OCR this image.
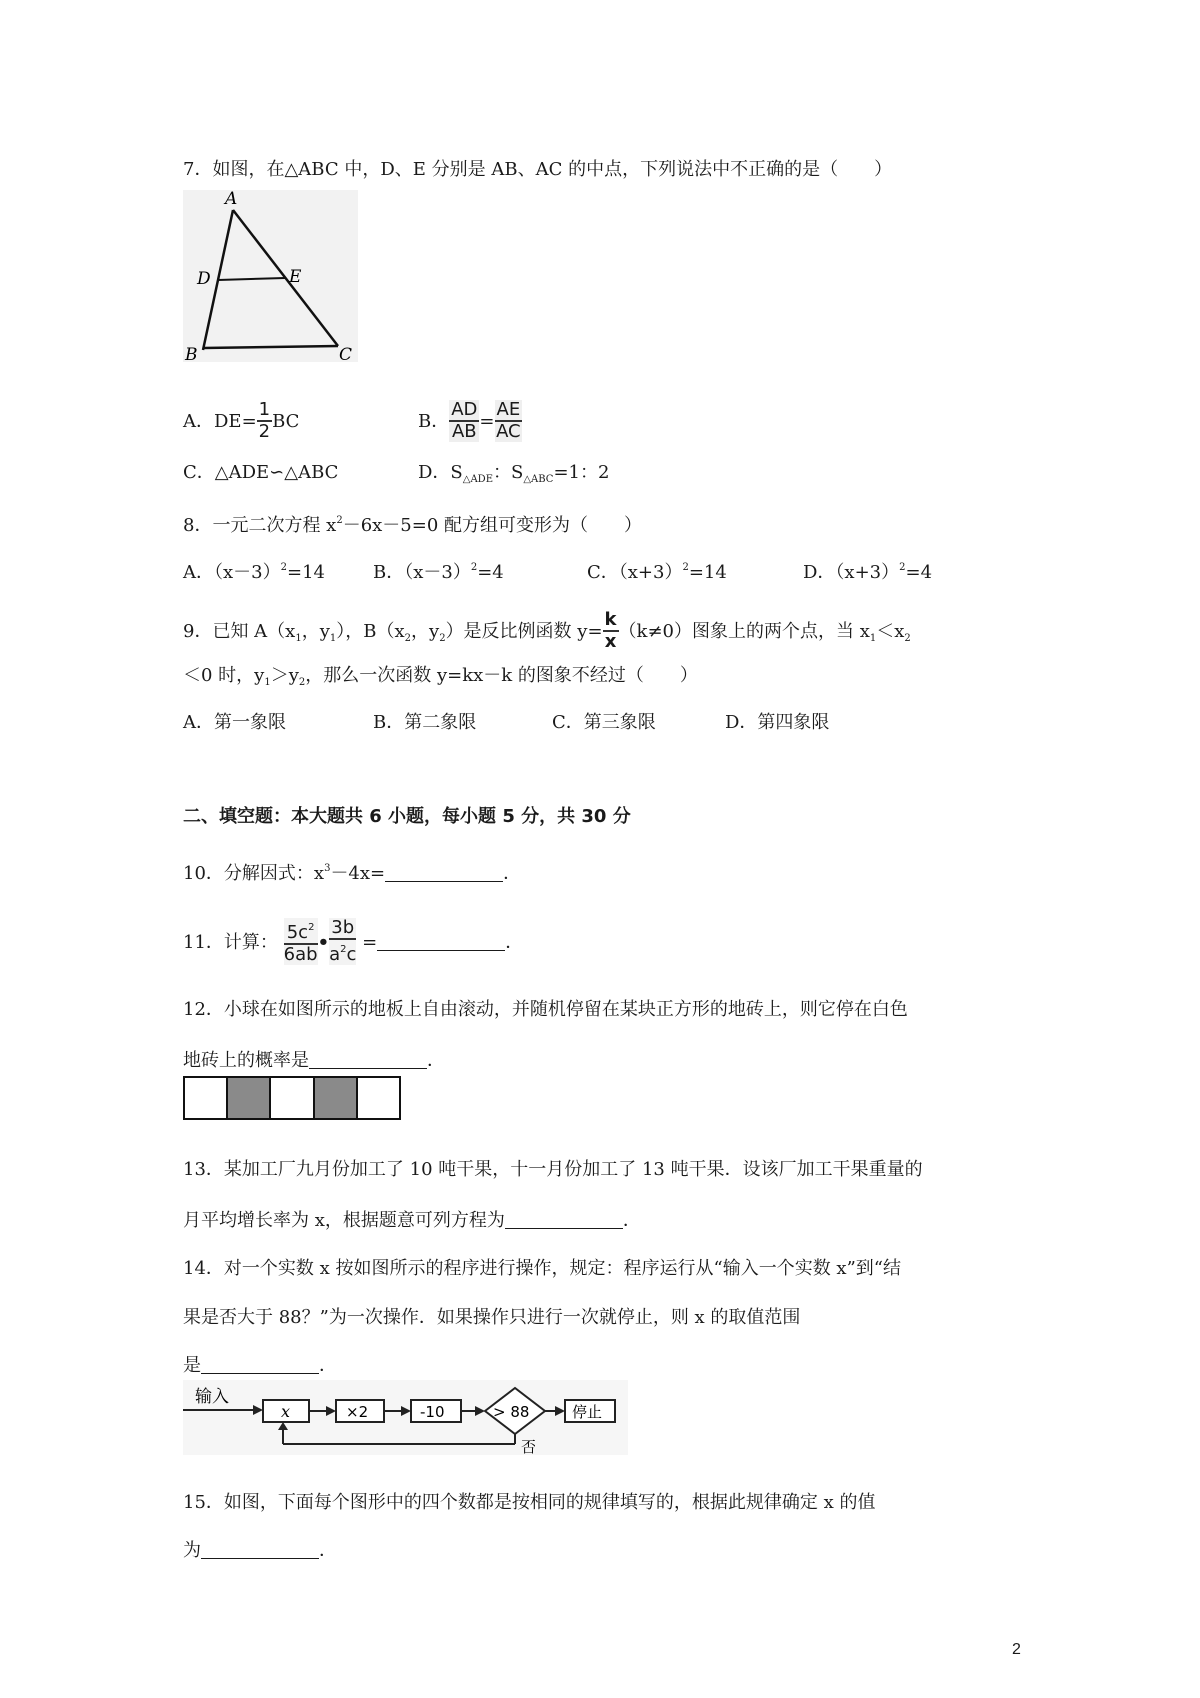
7．如图，在△ABC 中，D、E 分别是 AB、AC 的中点，下列说法中不正确的是（　　）
A
D	E
B	C
A．$DE= \frac{1}{2}$ BC	B． $\frac{AD}{AB} = \frac{AE}{AC}$
C．△ADE∽△ABC	D．$S_{\triangle ADE}$：$S_{\triangle ABC}=1$：2
8．一元二次方程 $x^2-6x-5=0$ 配方组可变形为（　　）
A．$(x-3)^2=14$	B．$(x-3)^2=4$	C．$(x+3)^2=14$	D．$(x+3)^2=4$
9．已知 $A(x_1$，$y_1$），$B(x_2$，$y_2$）是反比例函数 $y= \frac{k}{x} (k\ne 0)$图象上的两个点，当 $x_1<x_2$
＜0 时，$y_1>y_2$，那么一次函数 y=kx－k 的图象不经过（　　）
A．第一象限	B．第二象限	C．第三象限	D．第四象限
二、填空题：本大题共 6 小题，每小题 5 分，共 30 分
10．分解因式：$x^3-4x=$	．
11．计算： $\frac{5c^2}{6ab}$ • $\frac{3b}{a^2c}$ =	．
12．小球在如图所示的地板上自由滚动，并随机停留在某块正方形的地砖上，则它停在白色
地砖上的概率是	．
13．某加工厂九月份加工了 10 吨干果，十一月份加工了 13 吨干果．设该厂加工干果重量的
月平均增长率为 x，根据题意可列方程为	．
14．对一个实数 x 按如图所示的程序进行操作，规定：程序运行从“输入一个实数 x”到“结
果是否大于 88？”为一次操作．如果操作只进行一次就停止，则 x 的取值范围
是	．
输入
x	×2	-10	> 88	停止
否
15．如图，下面每个图形中的四个数都是按相同的规律填写的，根据此规律确定 x 的值
为	．
2
